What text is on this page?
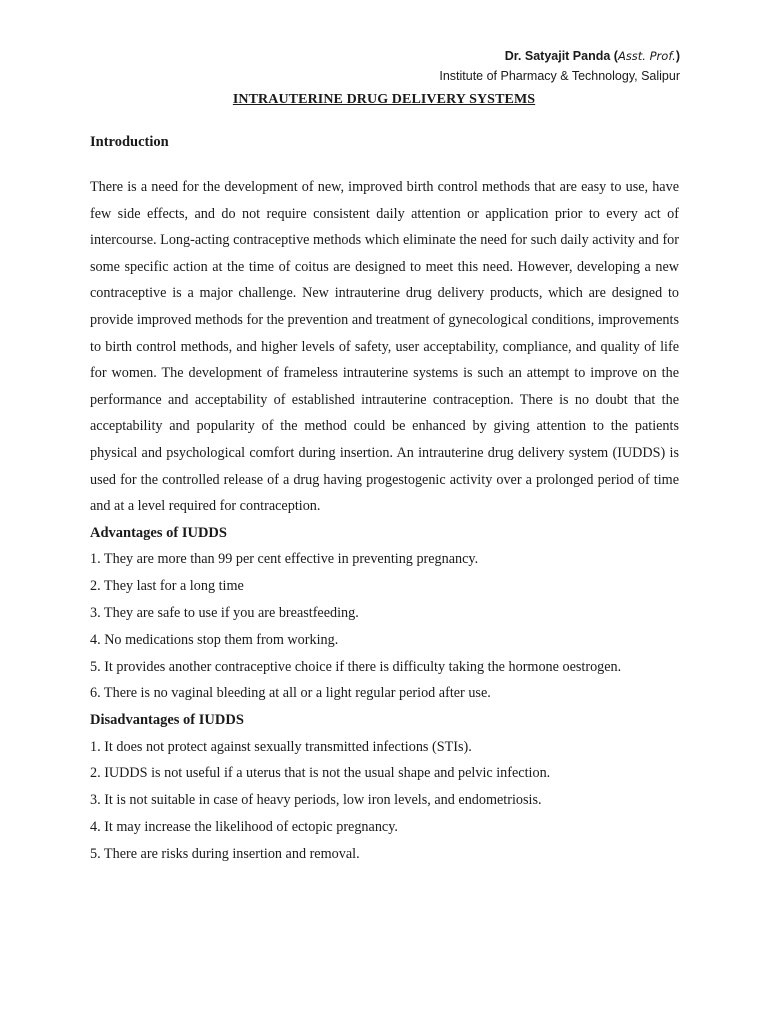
Dr. Satyajit Panda (Asst. Prof.)
Institute of Pharmacy & Technology, Salipur
INTRAUTERINE DRUG DELIVERY SYSTEMS

Introduction

There is a need for the development of new, improved birth control methods that are easy to use, have few side effects, and do not require consistent daily attention or application prior to every act of intercourse. Long-acting contraceptive methods which eliminate the need for such daily activity and for some specific action at the time of coitus are designed to meet this need. However, developing a new contraceptive is a major challenge. New intrauterine drug delivery products, which are designed to provide improved methods for the prevention and treatment of gynecological conditions, improvements to birth control methods, and higher levels of safety, user acceptability, compliance, and quality of life for women. The development of frameless intrauterine systems is such an attempt to improve on the performance and acceptability of established intrauterine contraception. There is no doubt that the acceptability and popularity of the method could be enhanced by giving attention to the patients physical and psychological comfort during insertion. An intrauterine drug delivery system (IUDDS) is used for the controlled release of a drug having progestogenic activity over a prolonged period of time and at a level required for contraception.

Advantages of IUDDS

1. They are more than 99 per cent effective in preventing pregnancy.
2. They last for a long time
3. They are safe to use if you are breastfeeding.
4. No medications stop them from working.
5. It provides another contraceptive choice if there is difficulty taking the hormone oestrogen.
6. There is no vaginal bleeding at all or a light regular period after use.

Disadvantages of IUDDS

1. It does not protect against sexually transmitted infections (STIs).
2. IUDDS is not useful if a uterus that is not the usual shape and pelvic infection.
3. It is not suitable in case of heavy periods, low iron levels, and endometriosis.
4. It may increase the likelihood of ectopic pregnancy.
5. There are risks during insertion and removal.
